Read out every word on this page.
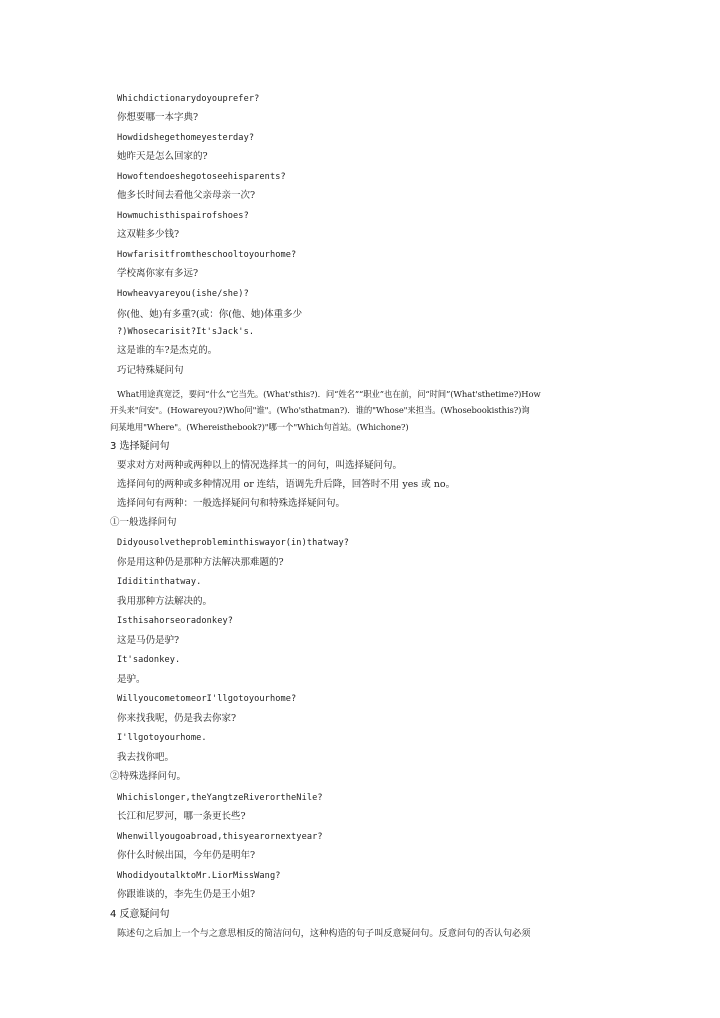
Whichdictionarydoyouprefer?
你想要哪一本字典?
Howdidshegethomeyesterday?
她昨天是怎么回家的?
Howoftendoeshegotoseehisparents?
他多长时间去看他父亲母亲一次?
Howmuchisthispairofshoes?
这双鞋多少钱?
Howfarisitfromtheschooltoyourhome?
学校离你家有多远?
Howheavyareyou(ishe/she)?
你(他、她)有多重?(或：你(他、她)体重多少
?)Whosecarisit?It'sJack's.
这是谁的车?是杰克的。
巧记特殊疑问句
What用途真宽泛，要问“什么”它当先。(What'sthis?)．问“姓名”“职业”也在前，问“时间”(What'sthetime?)How
开头来"问安"。(Howareyou?)Who问"谁"。(Who'sthatman?)．谁的"Whose"来担当。(Whosebookisthis?)询
问某地用"Where"。(Whereisthebook?)"哪一个"Which句首站。(Whichone?)
3 选择疑问句
要求对方对两种或两种以上的情况选择其一的问句，叫选择疑问句。
选择问句的两种或多种情况用 or 连结，语调先升后降，回答时不用 yes 或 no。
选择问句有两种：一般选择疑问句和特殊选择疑问句。
①一般选择问句
Didyousolvetheprobleminthiswayor(in)thatway?
你是用这种仍是那种方法解决那难题的?
Ididitinthatway.
我用那种方法解决的。
Isthisahorseoradonkey?
这是马仍是驴?
It'sadonkey.
是驴。
WillyoucometomeorI'llgotoyourhome?
你来找我呢，仍是我去你家?
I'llgotoyourhome.
我去找你吧。
②特殊选择问句。
Whichislonger,theYangtzeRiverortheNile?
长江和尼罗河，哪一条更长些?
Whenwillyougoabroad,thisyearornextyear?
你什么时候出国，今年仍是明年?
WhodidyoutalktoMr.LiorMissWang?
你跟谁谈的，李先生仍是王小姐?
4 反意疑问句
陈述句之后加上一个与之意思相反的简洁问句，这种构造的句子叫反意疑问句。反意问句的否认句必须
